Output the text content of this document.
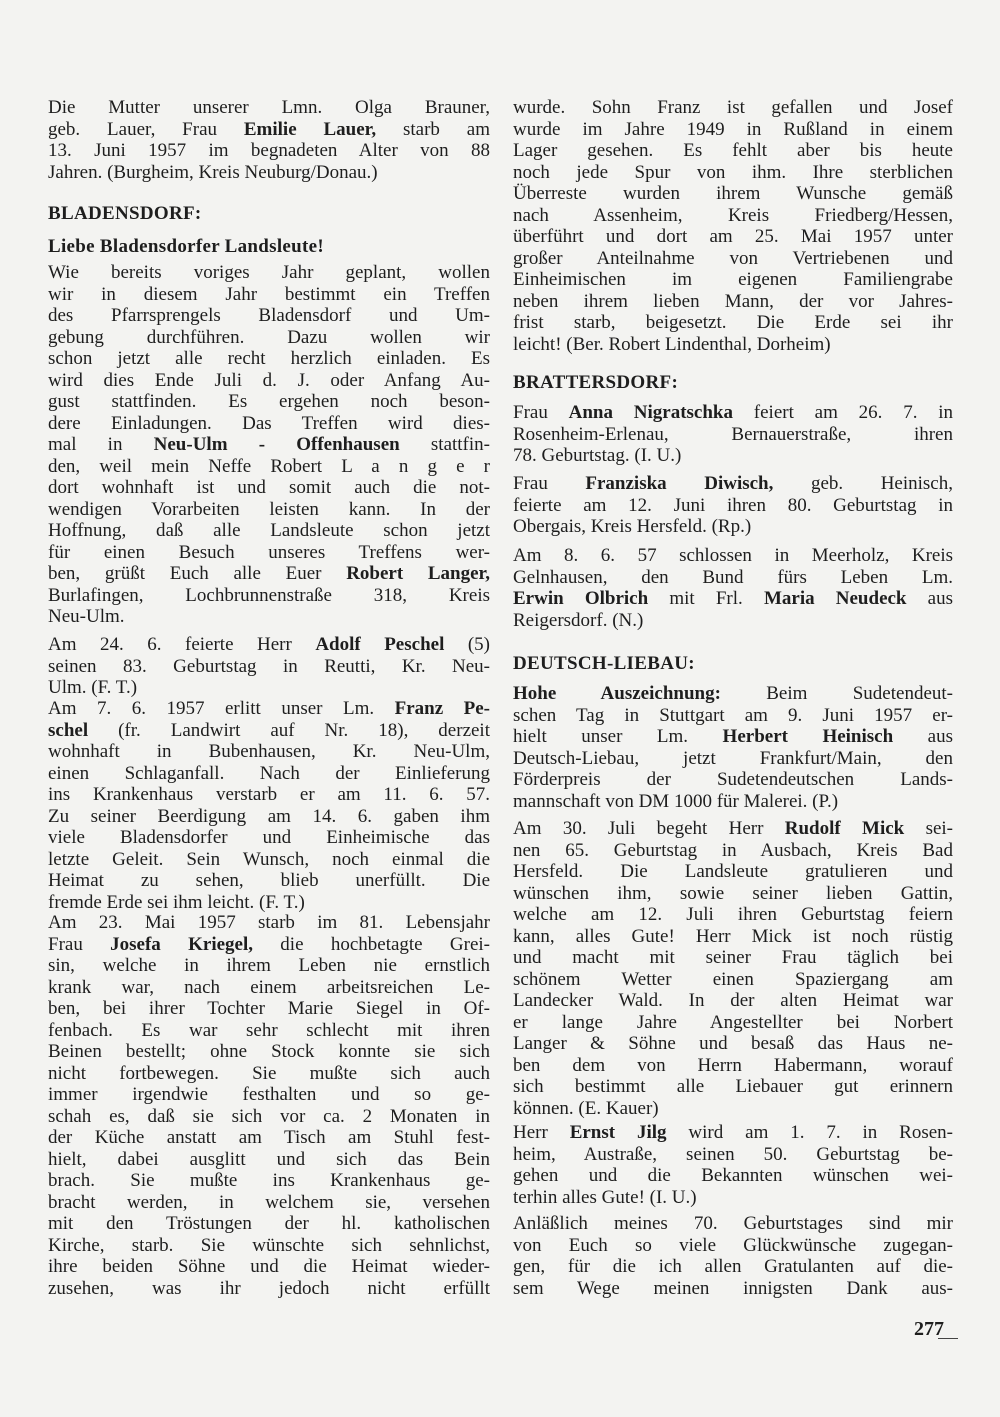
Die Mutter unserer Lmn. Olga Brauner,
geb. Lauer, Frau Emilie Lauer, starb am
13. Juni 1957 im begnadeten Alter von 88
Jahren. (Burgheim, Kreis Neuburg/Donau.)
BLADENSDORF:
Liebe Bladensdorfer Landsleute!
Wie bereits voriges Jahr geplant, wollen
wir in diesem Jahr bestimmt ein Treffen
des Pfarrsprengels Bladensdorf und Um-
gebung durchführen. Dazu wollen wir
schon jetzt alle recht herzlich einladen. Es
wird dies Ende Juli d. J. oder Anfang Au-
gust stattfinden. Es ergehen noch beson-
dere Einladungen. Das Treffen wird dies-
mal in Neu-Ulm - Offenhausen stattfin-
den, weil mein Neffe Robert L a n g e r
dort wohnhaft ist und somit auch die not-
wendigen Vorarbeiten leisten kann. In der
Hoffnung, daß alle Landsleute schon jetzt
für einen Besuch unseres Treffens wer-
ben, grüßt Euch alle Euer Robert Langer,
Burlafingen, Lochbrunnenstraße 318, Kreis
Neu-Ulm.
Am 24. 6. feierte Herr Adolf Peschel (5)
seinen 83. Geburtstag in Reutti, Kr. Neu-
Ulm. (F. T.)
Am 7. 6. 1957 erlitt unser Lm. Franz Pe-
schel (fr. Landwirt auf Nr. 18), derzeit
wohnhaft in Bubenhausen, Kr. Neu-Ulm,
einen Schlaganfall. Nach der Einlieferung
ins Krankenhaus verstarb er am 11. 6. 57.
Zu seiner Beerdigung am 14. 6. gaben ihm
viele Bladensdorfer und Einheimische das
letzte Geleit. Sein Wunsch, noch einmal die
Heimat zu sehen, blieb unerfüllt. Die
fremde Erde sei ihm leicht. (F. T.)
Am 23. Mai 1957 starb im 81. Lebensjahr
Frau Josefa Kriegel, die hochbetagte Grei-
sin, welche in ihrem Leben nie ernstlich
krank war, nach einem arbeitsreichen Le-
ben, bei ihrer Tochter Marie Siegel in Of-
fenbach. Es war sehr schlecht mit ihren
Beinen bestellt; ohne Stock konnte sie sich
nicht fortbewegen. Sie mußte sich auch
immer irgendwie festhalten und so ge-
schah es, daß sie sich vor ca. 2 Monaten in
der Küche anstatt am Tisch am Stuhl fest-
hielt, dabei ausglitt und sich das Bein
brach. Sie mußte ins Krankenhaus ge-
bracht werden, in welchem sie, versehen
mit den Tröstungen der hl. katholischen
Kirche, starb. Sie wünschte sich sehnlichst,
ihre beiden Söhne und die Heimat wieder-
zusehen, was ihr jedoch nicht erfüllt
wurde. Sohn Franz ist gefallen und Josef
wurde im Jahre 1949 in Rußland in einem
Lager gesehen. Es fehlt aber bis heute
noch jede Spur von ihm. Ihre sterblichen
Überreste wurden ihrem Wunsche gemäß
nach Assenheim, Kreis Friedberg/Hessen,
überführt und dort am 25. Mai 1957 unter
großer Anteilnahme von Vertriebenen und
Einheimischen im eigenen Familiengrabe
neben ihrem lieben Mann, der vor Jahres-
frist starb, beigesetzt. Die Erde sei ihr
leicht! (Ber. Robert Lindenthal, Dorheim)
BRATTERSDORF:
Frau Anna Nigratschka feiert am 26. 7. in
Rosenheim-Erlenau, Bernauerstraße, ihren
78. Geburtstag. (I. U.)
Frau Franziska Diwisch, geb. Heinisch,
feierte am 12. Juni ihren 80. Geburtstag in
Obergais, Kreis Hersfeld. (Rp.)
Am 8. 6. 57 schlossen in Meerholz, Kreis
Gelnhausen, den Bund fürs Leben Lm.
Erwin Olbrich mit Frl. Maria Neudeck aus
Reigersdorf. (N.)
DEUTSCH-LIEBAU:
Hohe Auszeichnung: Beim Sudetendeut-
schen Tag in Stuttgart am 9. Juni 1957 er-
hielt unser Lm. Herbert Heinisch aus
Deutsch-Liebau, jetzt Frankfurt/Main, den
Förderpreis der Sudetendeutschen Lands-
mannschaft von DM 1000 für Malerei. (P.)
Am 30. Juli begeht Herr Rudolf Mick sei-
nen 65. Geburtstag in Ausbach, Kreis Bad
Hersfeld. Die Landsleute gratulieren und
wünschen ihm, sowie seiner lieben Gattin,
welche am 12. Juli ihren Geburtstag feiern
kann, alles Gute! Herr Mick ist noch rüstig
und macht mit seiner Frau täglich bei
schönem Wetter einen Spaziergang am
Landecker Wald. In der alten Heimat war
er lange Jahre Angestellter bei Norbert
Langer & Söhne und besaß das Haus ne-
ben dem von Herrn Habermann, worauf
sich bestimmt alle Liebauer gut erinnern
können. (E. Kauer)
Herr Ernst Jilg wird am 1. 7. in Rosen-
heim, Austraße, seinen 50. Geburtstag be-
gehen und die Bekannten wünschen wei-
terhin alles Gute! (I. U.)
Anläßlich meines 70. Geburtstages sind mir
von Euch so viele Glückwünsche zugegan-
gen, für die ich allen Gratulanten auf die-
sem Wege meinen innigsten Dank aus-
277
